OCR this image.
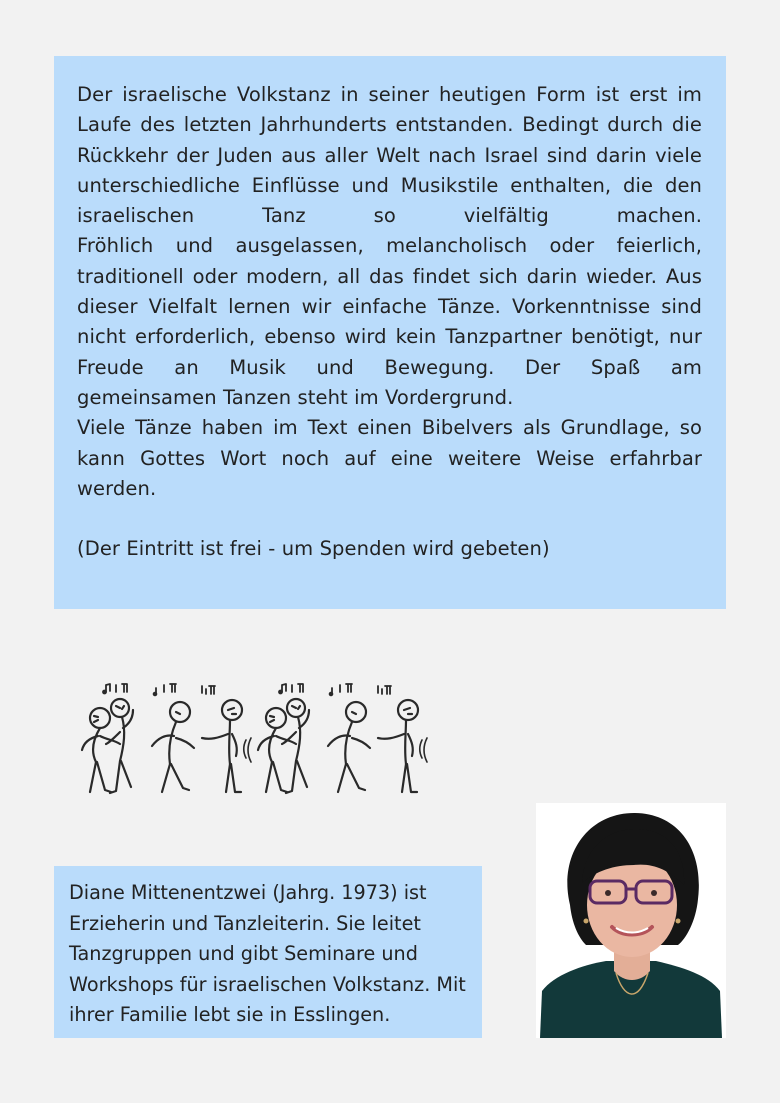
Der israelische Volkstanz in seiner heutigen Form ist erst im Laufe des letzten Jahrhunderts entstanden. Bedingt durch die Rückkehr der Juden aus aller Welt nach Israel sind darin viele unterschiedliche Einflüsse und Musikstile enthalten, die den israelischen Tanz so vielfältig machen.

Fröhlich und ausgelassen, melancholisch oder feierlich, traditionell oder modern, all das findet sich darin wieder. Aus dieser Vielfalt lernen wir einfache Tänze. Vorkenntnisse sind nicht erforderlich, ebenso wird kein Tanzpartner benötigt, nur Freude an Musik und Bewegung. Der Spaß am

gemeinsamen Tanzen steht im Vordergrund.

Viele Tänze haben im Text einen Bibelvers als Grundlage, so kann Gottes Wort noch auf eine weitere Weise erfahrbar werden.

(Der Eintritt ist frei - um Spenden wird gebeten)

Diane Mittenentzwei (Jahrg. 1973) ist Erzieherin und Tanzleiterin. Sie leitet Tanzgruppen und gibt Seminare und Workshops für israelischen Volkstanz. Mit ihrer Familie lebt sie in Esslingen.
